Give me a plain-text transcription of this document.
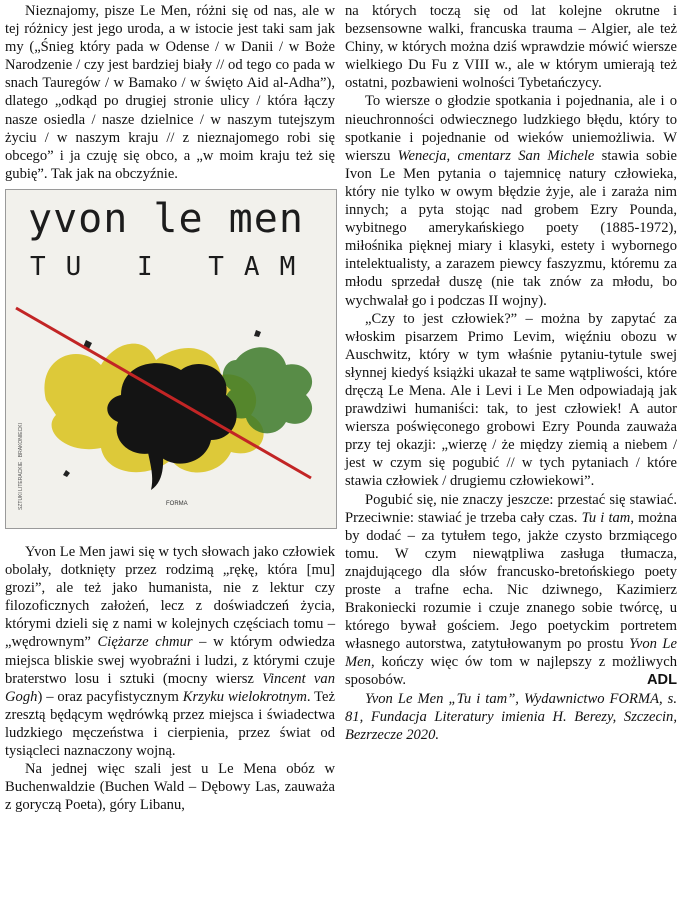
Nieznajomy, pisze Le Men, różni się od nas, ale w tej różnicy jest jego uroda, a w istocie jest taki sam jak my („Śnieg który pada w Odense / w Danii / w Boże Narodzenie / czy jest bardziej biały // od tego co pada w snach Tauregów / w Bamako / w święto Aid al-Adha”), dlatego „odkąd po drugiej stronie ulicy / która łączy nasze osiedla / nasze dzielnice / w naszym tutejszym życiu / w naszym kraju // z nieznajomego robi się obcego” i ja czuję się obco, a „w moim kraju też się gubię”. Tak jak na obczyźnie.

yvon le men
TU I TAM
SZTUKI LITERACKIE · BRAKONIECKI	FORMA

Yvon Le Men jawi się w tych słowach jako człowiek obolały, dotknięty przez rodzimą „rękę, która [mu] grozi”, ale też jako humanista, nie z lektur czy filozoficznych założeń, lecz z doświadczeń życia, którymi dzieli się z nami w kolejnych częściach tomu – „wędrownym” Ciężarze chmur – w którym odwiedza miejsca bliskie swej wyobraźni i ludzi, z którymi czuje braterstwo losu i sztuki (mocny wiersz Vincent van Gogh) – oraz pacyfistycznym Krzyku wielokrotnym. Też zresztą będącym wędrówką przez miejsca i świadectwa ludzkiego męczeństwa i cierpienia, przez świat od tysiącleci naznaczony wojną.

Na jednej więc szali jest u Le Mena obóz w Buchenwaldzie (Buchen Wald – Dębowy Las, zauważa z goryczą Poeta), góry Libanu,

na których toczą się od lat kolejne okrutne i bezsensowne walki, francuska trauma – Algier, ale też Chiny, w których można dziś wprawdzie mówić wiersze wielkiego Du Fu z VIII w., ale w którym umierają też ostatni, pozbawieni wolności Tybetańczycy.

To wiersze o głodzie spotkania i pojednania, ale i o nieuchronności odwiecznego ludzkiego błędu, który to spotkanie i pojednanie od wieków uniemożliwia. W wierszu Wenecja, cmentarz San Michele stawia sobie Ivon Le Men pytania o tajemnicę natury człowieka, który nie tylko w owym błędzie żyje, ale i zaraża nim innych; a pyta stojąc nad grobem Ezry Pounda, wybitnego amerykańskiego poety (1885-1972), miłośnika pięknej miary i klasyki, estety i wybornego intelektualisty, a zarazem piewcy faszyzmu, któremu za młodu sprzedał duszę (nie tak znów za młodu, bo wychwalał go i podczas II wojny).

„Czy to jest człowiek?” – można by zapytać za włoskim pisarzem Primo Levim, więźniu obozu w Auschwitz, który w tym właśnie pytaniu-tytule swej słynnej kiedyś książki ukazał te same wątpliwości, które dręczą Le Mena. Ale i Levi i Le Men odpowiadają jak prawdziwi humaniści: tak, to jest człowiek! A autor wiersza poświęconego grobowi Ezry Pounda zauważa przy tej okazji: „wierzę / że między ziemią a niebem / jest w czym się pogubić // w tych pytaniach / które stawia człowiek / drugiemu człowiekowi”.

Pogubić się, nie znaczy jeszcze: przestać się stawiać. Przeciwnie: stawiać je trzeba cały czas. Tu i tam, można by dodać – za tytułem tego, jakże czysto brzmiącego tomu. W czym niewątpliwa zasługa tłumacza, znajdującego dla słów francusko-bretońskiego poety proste a trafne echa. Nic dziwnego, Kazimierz Brakoniecki rozumie i czuje znanego sobie twórcę, u którego bywał gościem. Jego poetyckim portretem własnego autorstwa, zatytułowanym po prostu Yvon Le Men, kończy więc ów tom w najlepszy z możliwych sposobów.	ADL

Yvon Le Men „Tu i tam”, Wydawnictwo FORMA, s. 81, Fundacja Literatury imienia H. Berezy, Szczecin, Bezrzecze 2020.
